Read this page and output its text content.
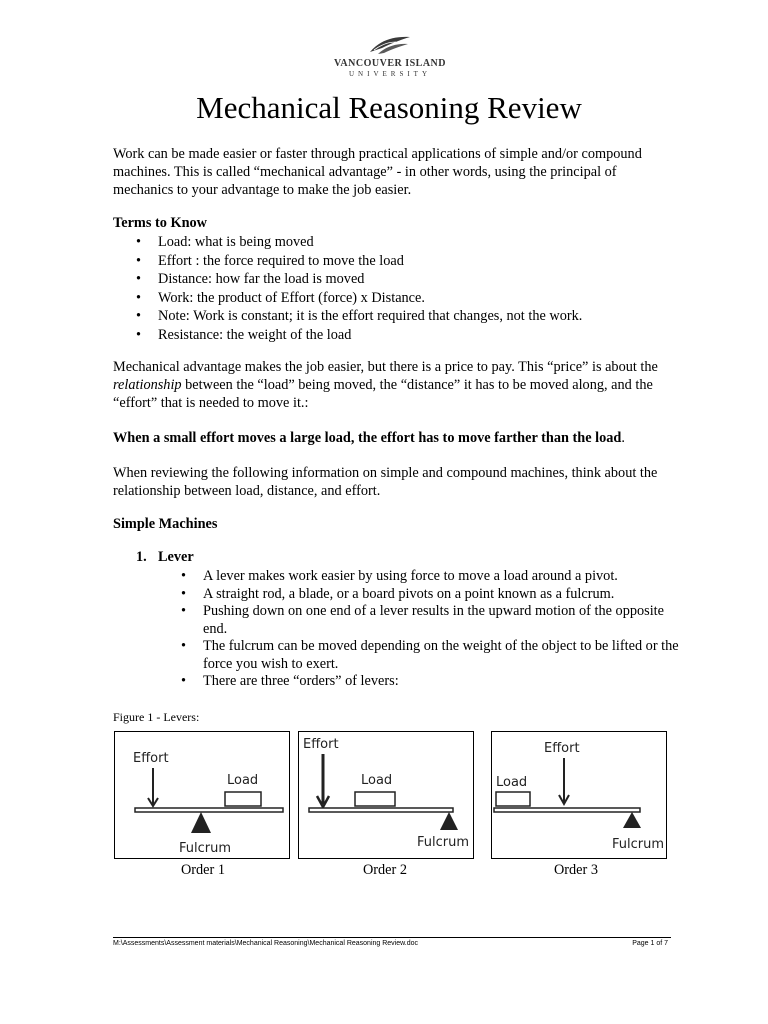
VANCOUVER ISLAND
UNIVERSITY
Mechanical Reasoning Review
Work can be made easier or faster through practical applications of simple and/or compound machines. This is called “mechanical advantage” - in other words, using the principal of mechanics to your advantage to make the job easier.
Terms to Know
• Load: what is being moved
• Effort : the force required to move the load
• Distance: how far the load is moved
• Work: the product of Effort (force) x Distance.
• Note: Work is constant; it is the effort required that changes, not the work.
• Resistance: the weight of the load
Mechanical advantage makes the job easier, but there is a price to pay. This “price” is about the relationship between the “load” being moved, the “distance” it has to be moved along, and the “effort” that is needed to move it.:
When a small effort moves a large load, the effort has to move farther than the load.
When reviewing the following information on simple and compound machines, think about the relationship between load, distance, and effort.
Simple Machines
1. Lever
• A lever makes work easier by using force to move a load around a pivot.
• A straight rod, a blade, or a board pivots on a point known as a fulcrum.
• Pushing down on one end of a lever results in the upward motion of the opposite end.
• The fulcrum can be moved depending on the weight of the object to be lifted or the force you wish to exert.
• There are three “orders” of levers:
Figure 1 - Levers:
Effort
Load
Fulcrum
Effort
Load
Fulcrum
Effort
Load
Fulcrum
Order 1	Order 2	Order 3
M:\Assessments\Assessment materials\Mechanical Reasoning\Mechanical Reasoning Review.doc	Page 1 of 7
